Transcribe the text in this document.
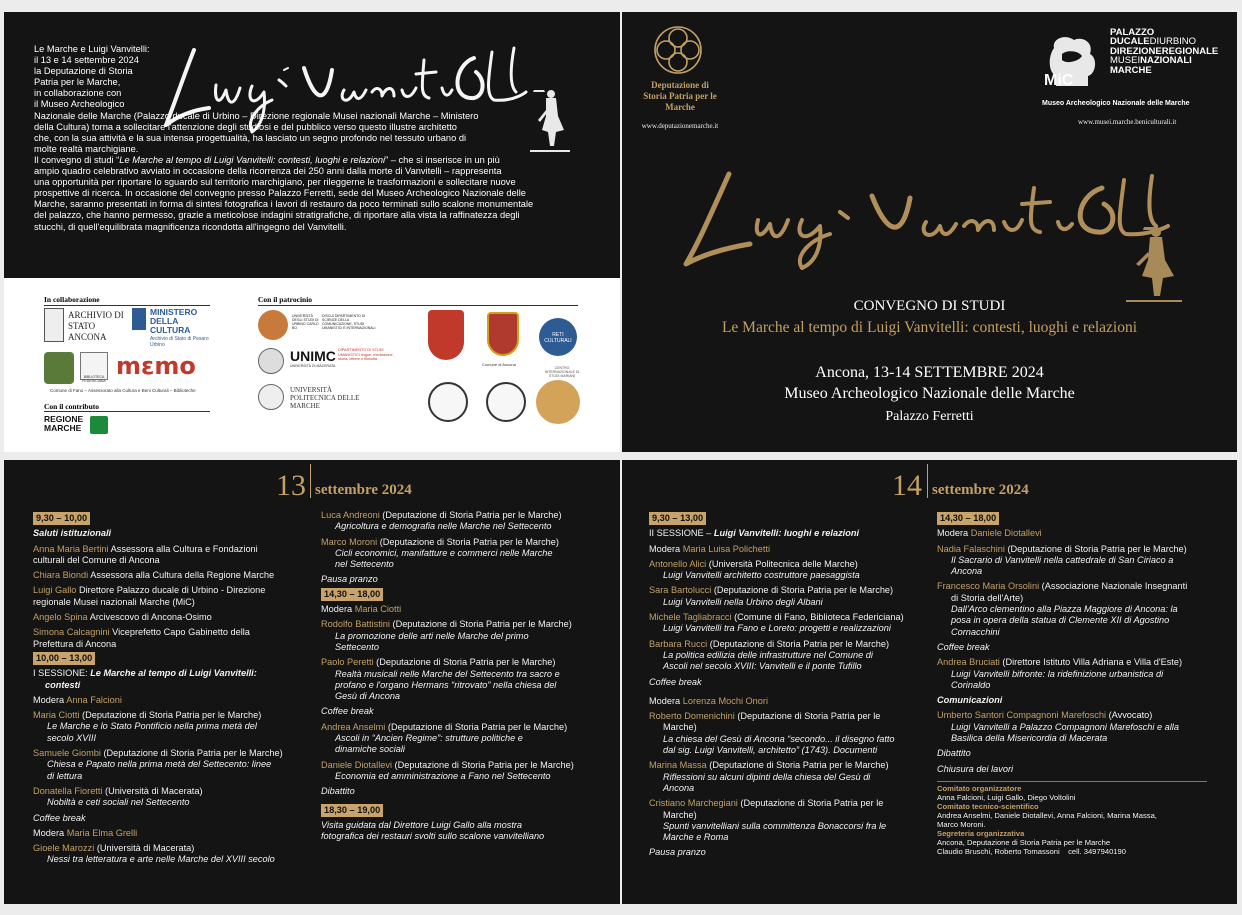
Le Marche e Luigi Vanvitelli:

il 13 e 14 settembre 2024

la Deputazione di Storia

Patria per le Marche,

in collaborazione con

il Museo Archeologico

Nazionale delle Marche (Palazzo ducale di Urbino – Direzione regionale Musei nazionali Marche – Ministero

della Cultura) torna a sollecitare l'attenzione degli studiosi e del pubblico verso questo illustre architetto

che, con la sua attività e la sua intensa progettualità, ha lasciato un segno profondo nel tessuto urbano di

molte realtà marchigiane.

Il convegno di studi “Le Marche al tempo di Luigi Vanvitelli: contesti, luoghi e relazioni” – che si inserisce in un più

ampio quadro celebrativo avviato in occasione della ricorrenza dei 250 anni dalla morte di Vanvitelli – rappresenta

una opportunità per riportare lo sguardo sul territorio marchigiano, per rileggerne le trasformazioni e sollecitare nuove

prospettive di ricerca. In occasione del convegno presso Palazzo Ferretti, sede del Museo Archeologico Nazionale delle

Marche, saranno presentati in forma di sintesi fotografica i lavori di restauro da poco terminati sullo scalone monumentale

del palazzo, che hanno permesso, grazie a meticolose indagini stratigrafiche, di riportare alla vista la raffinatezza degli

stucchi, di quell'equilibrata magnificenza ricondotta all'ingegno del Vanvitelli.

In collaborazione
ARCHIVIO DI STATO ANCONA
MINISTERO DELLA CULTURA
Archivio di Stato di Pesaro Urbino
BIBLIOTECA FEDERICIANA
mεmo
Comune di Fano – Assessorato alla Cultura e Beni Culturali – Biblioteche
Con il contributo
REGIONE MARCHE
Con il patrocinio
UNIVERSITÀ DEGLI STUDI DI URBINO CARLO BO
DISCUI DIPARTIMENTO DI SCIENZE DELLA COMUNICAZIONE, STUDI UMANISTICI E INTERNAZIONALI
UNIMC
UNIVERSITÀ DI MACERATA
DIPARTIMENTO DI STUDI UMANISTICI lingue, mediazione, storia, lettere e filosofia
UNIVERSITÀ POLITECNICA DELLE MARCHE
Comune di Ancona
RETI CULTURALI
CENTRO INTERNAZIONALE DI STUDI MARIANI
Deputazione di Storia Patria per le Marche
www.deputazionemarche.it
MiC
PALAZZO
DUCALEDIURBINO
DIREZIONEREGIONALE
MUSEINAZIONALI
MARCHE
Museo Archeologico Nazionale delle Marche
www.musei.marche.beniculturali.it
CONVEGNO DI STUDI
Le Marche al tempo di Luigi Vanvitelli: contesti, luoghi e relazioni
Ancona, 13-14 SETTEMBRE 2024
Museo Archeologico Nazionale delle Marche
Palazzo Ferretti
13 settembre 2024
9,30 – 10,00
Saluti istituzionali
Anna Maria Bertini Assessora alla Cultura e Fondazioni
culturali del Comune di Ancona
Chiara Biondi Assessora alla Cultura della Regione Marche
Luigi Gallo Direttore Palazzo ducale di Urbino - Direzione
regionale Musei nazionali Marche (MiC)
Angelo Spina Arcivescovo di Ancona-Osimo
Simona Calcagnini Viceprefetto Capo Gabinetto della
Prefettura di Ancona
10,00 – 13,00
I SESSIONE: Le Marche al tempo di Luigi Vanvitelli:
contesti
Modera Anna Falcioni
Maria Ciotti (Deputazione di Storia Patria per le Marche)
Le Marche e lo Stato Pontificio nella prima metà del
secolo XVIII
Samuele Giombi (Deputazione di Storia Patria per le Marche)
Chiesa e Papato nella prima metà del Settecento: linee
di lettura
Donatella Fioretti (Università di Macerata)
Nobiltà e ceti sociali nel Settecento
Coffee break
Modera Maria Elma Grelli
Gioele Marozzi (Università di Macerata)
Nessi tra letteratura e arte nelle Marche del XVIII secolo
Luca Andreoni (Deputazione di Storia Patria per le Marche)
Agricoltura e demografia nelle Marche nel Settecento
Marco Moroni (Deputazione di Storia Patria per le Marche)
Cicli economici, manifatture e commerci nelle Marche
nel Settecento
Pausa pranzo
14,30 – 18,00
Modera Maria Ciotti
Rodolfo Battistini (Deputazione di Storia Patria per le Marche)
La promozione delle arti nelle Marche del primo
Settecento
Paolo Peretti (Deputazione di Storia Patria per le Marche)
Realtà musicali nelle Marche del Settecento tra sacro e
profano e l'organo Hermans “ritrovato” nella chiesa del
Gesù di Ancona
Coffee break
Andrea Anselmi (Deputazione di Storia Patria per le Marche)
Ascoli in “Ancien Regime”: strutture politiche e
dinamiche sociali
Daniele Diotallevi (Deputazione di Storia Patria per le Marche)
Economia ed amministrazione a Fano nel Settecento
Dibattito
18,30 – 19,00
Visita guidata dal Direttore Luigi Gallo alla mostra
fotografica dei restauri svolti sullo scalone vanvitelliano
14 settembre 2024
9,30 – 13,00
II SESSIONE – Luigi Vanvitelli: luoghi e relazioni
Modera Maria Luisa Polichetti
Antonello Alici (Università Politecnica delle Marche)
Luigi Vanvitelli architetto costruttore paesaggista
Sara Bartolucci (Deputazione di Storia Patria per le Marche)
Luigi Vanvitelli nella Urbino degli Albani
Michele Tagliabracci (Comune di Fano, Biblioteca Federiciana)
Luigi Vanvitelli tra Fano e Loreto: progetti e realizzazioni
Barbara Rucci (Deputazione di Storia Patria per le Marche)
La politica edilizia delle infrastrutture nel Comune di
Ascoli nel secolo XVIII: Vanvitelli e il ponte Tufillo
Coffee break
Modera Lorenza Mochi Onori
Roberto Domenichini (Deputazione di Storia Patria per le
Marche)
La chiesa del Gesù di Ancona “secondo... il disegno fatto
dal sig. Luigi Vanvitelli, architetto” (1743). Documenti
Marina Massa (Deputazione di Storia Patria per le Marche)
Riflessioni su alcuni dipinti della chiesa del Gesù di
Ancona
Cristiano Marchegiani (Deputazione di Storia Patria per le
Marche)
Spunti vanvitelliani sulla committenza Bonaccorsi fra le
Marche e Roma
Pausa pranzo
14,30 – 18,00
Modera Daniele Diotallevi
Nadia Falaschini (Deputazione di Storia Patria per le Marche)
Il Sacrario di Vanvitelli nella cattedrale di San Ciriaco a
Ancona
Francesco Maria Orsolini (Associazione Nazionale Insegnanti
di Storia dell'Arte)
Dall'Arco clementino alla Piazza Maggiore di Ancona: la
posa in opera della statua di Clemente XII di Agostino
Cornacchini
Coffee break
Andrea Bruciati (Direttore Istituto Villa Adriana e Villa d'Este)
Luigi Vanvitelli bifronte: la ridefinizione urbanistica di
Corinaldo
Comunicazioni
Umberto Santori Compagnoni Marefoschi (Avvocato)
Luigi Vanvitelli a Palazzo Compagnoni Marefoschi e alla
Basilica della Misericordia di Macerata
Dibattito
Chiusura dei lavori
Comitato organizzatore
Anna Falcioni, Luigi Gallo, Diego Voltolini
Comitato tecnico-scientifico
Andrea Anselmi, Daniele Diotallevi, Anna Falcioni, Marina Massa,
Marco Moroni.
Segreteria organizzativa
Ancona, Deputazione di Storia Patria per le Marche
Claudio Bruschi, Roberto Tomassoni    cell. 3497940190
